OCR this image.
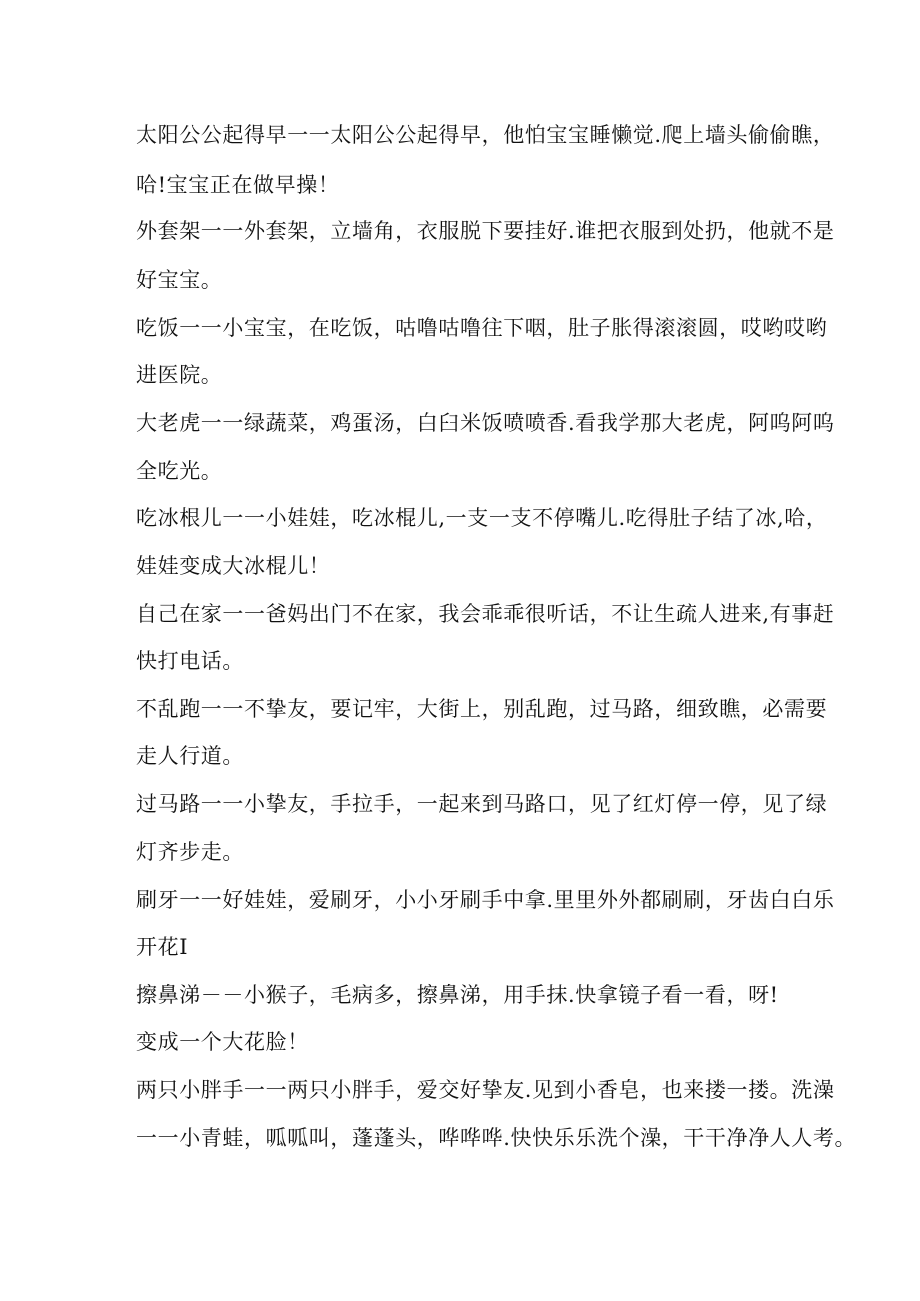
太阳公公起得早一一太阳公公起得早，他怕宝宝睡懒觉.爬上墙头偷偷瞧，
哈!宝宝正在做早操！
外套架一一外套架，立墙角，衣服脱下要挂好.谁把衣服到处扔，他就不是
好宝宝。
吃饭一一小宝宝，在吃饭，咕噜咕噜往下咽，肚子胀得滚滚圆，哎哟哎哟
进医院。
大老虎一一绿蔬菜，鸡蛋汤，白臼米饭喷喷香.看我学那大老虎，阿呜阿呜
全吃光。
吃冰根儿一一小娃娃，吃冰棍儿,一支一支不停嘴儿.吃得肚子结了冰,哈，
娃娃变成大冰棍儿！
自己在家一一爸妈出门不在家，我会乖乖很听话，不让生疏人进来,有事赶
快打电话。
不乱跑一一不挚友，要记牢，大街上，别乱跑，过马路，细致瞧，必需要
走人行道。
过马路一一小挚友，手拉手，一起来到马路口，见了红灯停一停，见了绿
灯齐步走。
刷牙一一好娃娃，爱刷牙，小小牙刷手中拿.里里外外都刷刷，牙齿白白乐
开花I
擦鼻涕－－小猴子，毛病多，擦鼻涕，用手抹.快拿镜子看一看，呀!
变成一个大花脸！
两只小胖手一一两只小胖手，爱交好挚友.见到小香皂，也来搂一搂。洗澡
一一小青蛙，呱呱叫，蓬蓬头，哗哗哗.快快乐乐洗个澡，干干净净人人考。
